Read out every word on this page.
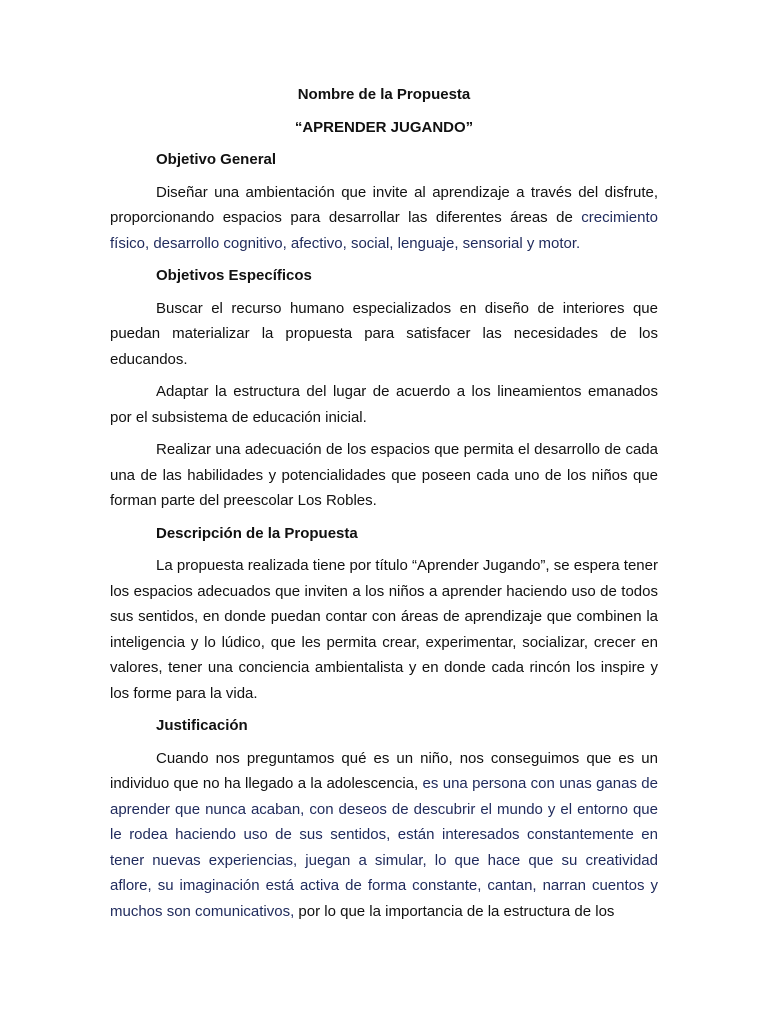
Nombre de la Propuesta

“APRENDER JUGANDO”

Objetivo General

Diseñar una ambientación que invite al aprendizaje a través del disfrute, proporcionando espacios para desarrollar las diferentes áreas de crecimiento físico, desarrollo cognitivo, afectivo, social, lenguaje, sensorial y motor.

Objetivos Específicos

Buscar el recurso humano especializados en diseño de interiores que puedan materializar la propuesta para satisfacer las necesidades de los educandos.

Adaptar la estructura del lugar de acuerdo a los lineamientos emanados por el subsistema de educación inicial.

Realizar una adecuación de los espacios que permita el desarrollo de cada una de las habilidades y potencialidades que poseen cada uno de los niños que forman parte del preescolar Los Robles.

Descripción de la Propuesta

La propuesta realizada tiene por título “Aprender Jugando”, se espera tener los espacios adecuados que inviten a los niños a aprender haciendo uso de todos sus sentidos, en donde puedan contar con áreas de aprendizaje que combinen la inteligencia y lo lúdico, que les permita crear, experimentar, socializar, crecer en valores, tener una conciencia ambientalista y en donde cada rincón los inspire y los forme para la vida.

Justificación

Cuando nos preguntamos qué es un niño, nos conseguimos que es un individuo que no ha llegado a la adolescencia, es una persona con unas ganas de aprender que nunca acaban, con deseos de descubrir el mundo y el entorno que le rodea haciendo uso de sus sentidos, están interesados constantemente en tener nuevas experiencias, juegan a simular, lo que hace que su creatividad aflore, su imaginación está activa de forma constante, cantan, narran cuentos y muchos son comunicativos, por lo que la importancia de la estructura de los
